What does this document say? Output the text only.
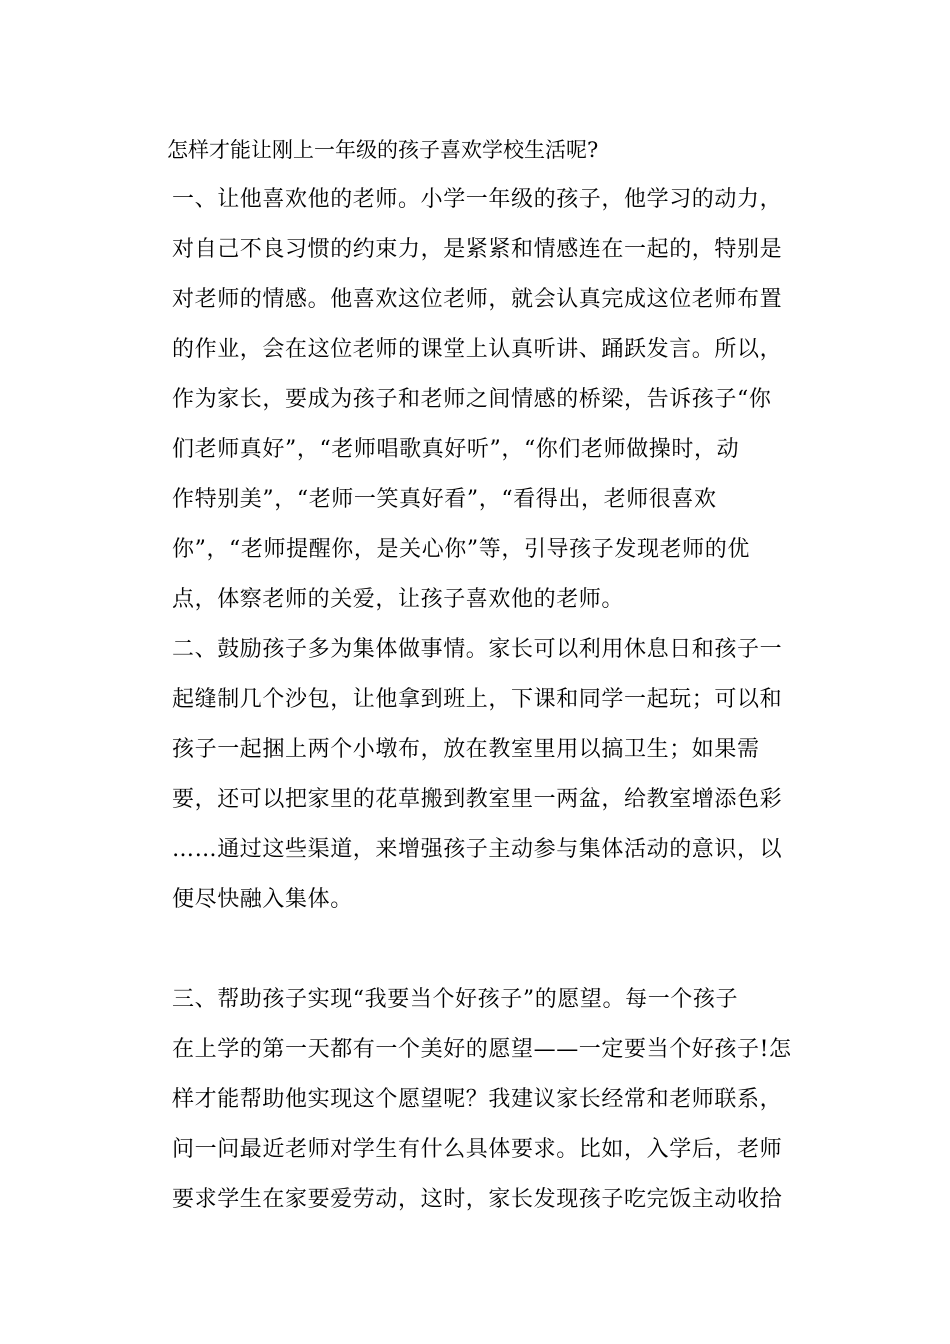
怎样才能让刚上一年级的孩子喜欢学校生活呢?
一、让他喜欢他的老师。小学一年级的孩子，他学习的动力，
对自己不良习惯的约束力，是紧紧和情感连在一起的，特别是
对老师的情感。他喜欢这位老师，就会认真完成这位老师布置
的作业，会在这位老师的课堂上认真听讲、踊跃发言。所以，
作为家长，要成为孩子和老师之间情感的桥梁，告诉孩子“你
们老师真好”，“老师唱歌真好听”，“你们老师做操时，动
作特别美”，“老师一笑真好看”，“看得出，老师很喜欢
你”，“老师提醒你，是关心你”等，引导孩子发现老师的优
点，体察老师的关爱，让孩子喜欢他的老师。
二、鼓励孩子多为集体做事情。家长可以利用休息日和孩子一
起缝制几个沙包，让他拿到班上，下课和同学一起玩；可以和
孩子一起捆上两个小墩布，放在教室里用以搞卫生；如果需
要，还可以把家里的花草搬到教室里一两盆，给教室增添色彩
……通过这些渠道，来增强孩子主动参与集体活动的意识，以
便尽快融入集体。
三、帮助孩子实现“我要当个好孩子”的愿望。每一个孩子
在上学的第一天都有一个美好的愿望——一定要当个好孩子!怎
样才能帮助他实现这个愿望呢？我建议家长经常和老师联系，
问一问最近老师对学生有什么具体要求。比如，入学后，老师
要求学生在家要爱劳动，这时，家长发现孩子吃完饭主动收拾
